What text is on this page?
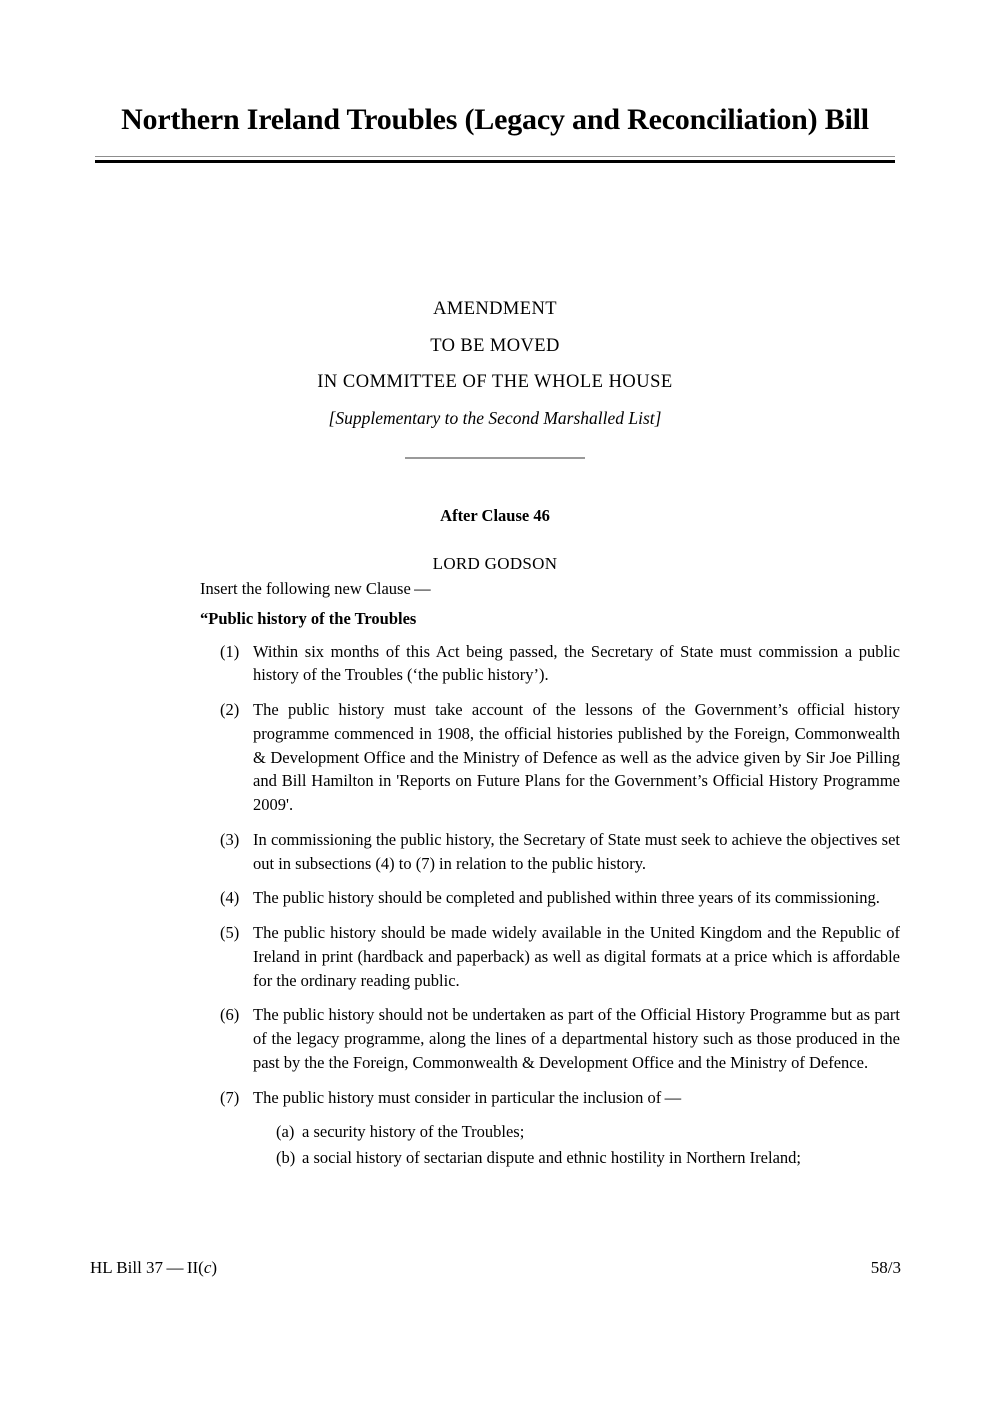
Northern Ireland Troubles (Legacy and Reconciliation) Bill

AMENDMENT

TO BE MOVED

IN COMMITTEE OF THE WHOLE HOUSE

[Supplementary to the Second Marshalled List]

After Clause 46

LORD GODSON

Insert the following new Clause —

“Public history of the Troubles

(1) Within six months of this Act being passed, the Secretary of State must commission a public history of the Troubles (‘the public history’).
(2) The public history must take account of the lessons of the Government’s official history programme commenced in 1908, the official histories published by the Foreign, Commonwealth & Development Office and the Ministry of Defence as well as the advice given by Sir Joe Pilling and Bill Hamilton in 'Reports on Future Plans for the Government’s Official History Programme 2009'.
(3) In commissioning the public history, the Secretary of State must seek to achieve the objectives set out in subsections (4) to (7) in relation to the public history.
(4) The public history should be completed and published within three years of its commissioning.
(5) The public history should be made widely available in the United Kingdom and the Republic of Ireland in print (hardback and paperback) as well as digital formats at a price which is affordable for the ordinary reading public.
(6) The public history should not be undertaken as part of the Official History Programme but as part of the legacy programme, along the lines of a departmental history such as those produced in the past by the the Foreign, Commonwealth & Development Office and the Ministry of Defence.
(7) The public history must consider in particular the inclusion of —
(a) a security history of the Troubles;
(b) a social history of sectarian dispute and ethnic hostility in Northern Ireland;
HL Bill 37 — II(c)	58/3
